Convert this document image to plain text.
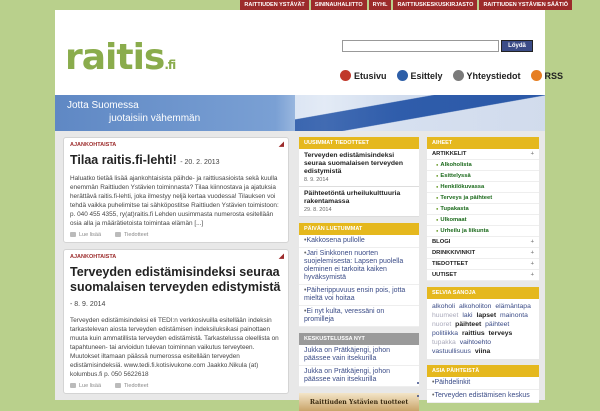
RAITTIUDEN YSTÄVÄT	SININAUHALIITTO	RYHL	RAITTIUSKESKUSKIRJASTO	RAITTIUDEN YSTÄVIEN SÄÄTIÖ
raitis.fi
Löydä
Etusivu	Esittely	Yhteystiedot	RSS
Jotta Suomessa
juotaisiin vähemmän
AJANKOHTAISTA	◢
Tilaa raitis.fi-lehti! - 20. 2. 2013

Haluatko tietää lisää ajankohtaisista päihde- ja raittiusasioista sekä kuulla enemmän Raittiuden Ystävien toiminnasta? Tilaa kiinnostava ja ajatuksia herättävä raitis.fi-lehti, joka ilmestyy neljä kertaa vuodessa! Tilauksen voi tehdä vaikka puhelimitse tai sähköpostitse Raittiuden Ystävien toimistoon: p. 040 455 4355, ry(at)raitis.fi Lehden uusimmasta numerosta esitellään osia alla ja määrätietoista toimintaa elämän [...]

Lue lisää	Tiedotteet
AJANKOHTAISTA	◢
Terveyden edistämisindeksi seuraa suomalaisen terveyden edistymistä - 8. 9. 2014

Terveyden edistämisindeksi eli TEDI:n verkkosivuilla esitellään indeksin tarkastelevan aiosta terveyden edistämisen indeksiluksikasi painottaen muuta kuin ammatillista terveyden edistämistä. Tarkastelussa oleellista on tapahtuneen- tai arvioidun tulevan toiminnan vaikutus terveyteen. Muutokset iltamaan päässä numerossa esitellään terveyden edistämisindeksiä. www.tedi.fi.kotisivukone.com Jaakko.Nikula (at) kolumbus.fi p. 050 5622618

Lue lisää	Tiedotteet
UUSIMMAT TIEDOTTEET
Terveyden edistämisindeksi seuraa suomalaisen terveyden edistymistä
8. 9. 2014
Päihteetöntä urheilukulttuuria rakentamassa
29. 8. 2014
PÄIVÄN LUETUIMMAT
• Kakkosena pullolle
• Jari Sinkkonen nuorten suojelemisesta: Lapsen puolella oleminen ei tarkoita kaiken hyväksymistä
• Päiherippuvuus ensin pois, jotta mieltä voi hoitaa
• Ei nyt kulta, veressäni on promilleja
KESKUSTELUSSA NYT
Jukka on Prätkäjengi, johon päässee vain itsekurilla
Jukka on Prätkäjengi, johon päässee vain itsekurilla
Raittiuden Ystävien tuotteet
AIHEET
ARTIKKELIT	+
● Alkoholista
● Esittelyssä
● Henkilökuvassa
● Terveys ja päihteet
● Tupakasta
● Ulkomaat
● Urheilu ja liikunta
BLOGI	+
DRINKKIVINKIT	+
TIEDOTTEET	+
UUTISET	+
SELVIA SANOJA
alkoholi alkoholiton elämäntapa huumeet laki lapset mainonta nuoret päihteet päihteet politiikka raittius terveys tupakka vaihtoehto vastuullisuus viina
ASIA PÄIHTEISTÄ
• • Päihdelinkit
• • Terveyden edistämisen keskus
